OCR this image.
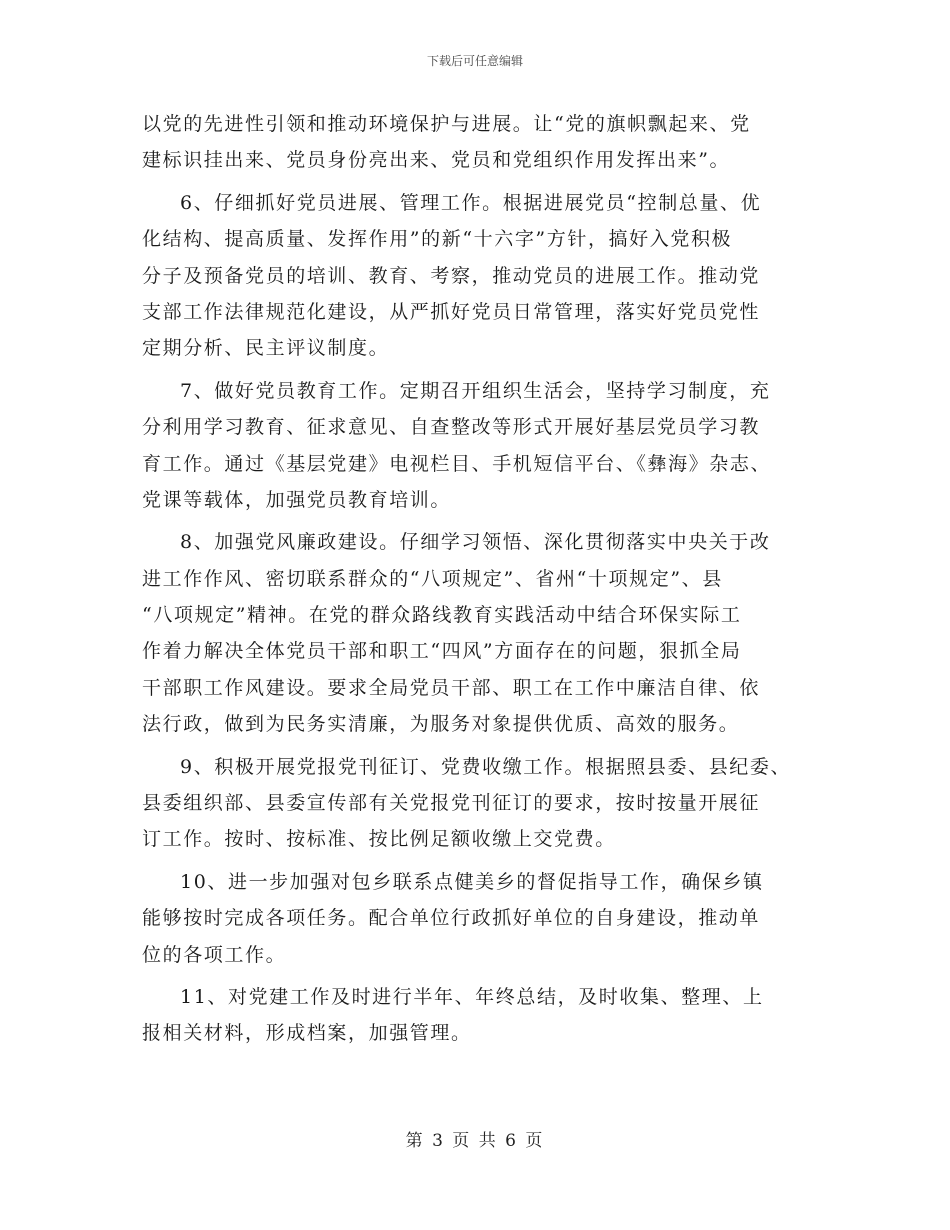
下载后可任意编辑
以党的先进性引领和推动环境保护与进展。让“党的旗帜飘起来、党
建标识挂出来、党员身份亮出来、党员和党组织作用发挥出来”。
6、仔细抓好党员进展、管理工作。根据进展党员“控制总量、优
化结构、提高质量、发挥作用”的新“十六字”方针，搞好入党积极
分子及预备党员的培训、教育、考察，推动党员的进展工作。推动党
支部工作法律规范化建设，从严抓好党员日常管理，落实好党员党性
定期分析、民主评议制度。
7、做好党员教育工作。定期召开组织生活会，坚持学习制度，充
分利用学习教育、征求意见、自查整改等形式开展好基层党员学习教
育工作。通过《基层党建》电视栏目、手机短信平台、《彝海》杂志、
党课等载体，加强党员教育培训。
8、加强党风廉政建设。仔细学习领悟、深化贯彻落实中央关于改
进工作作风、密切联系群众的“八项规定”、省州“十项规定”、县
“八项规定”精神。在党的群众路线教育实践活动中结合环保实际工
作着力解决全体党员干部和职工“四风”方面存在的问题，狠抓全局
干部职工作风建设。要求全局党员干部、职工在工作中廉洁自律、依
法行政，做到为民务实清廉，为服务对象提供优质、高效的服务。
9、积极开展党报党刊征订、党费收缴工作。根据照县委、县纪委、
县委组织部、县委宣传部有关党报党刊征订的要求，按时按量开展征
订工作。按时、按标准、按比例足额收缴上交党费。
10、进一步加强对包乡联系点健美乡的督促指导工作，确保乡镇
能够按时完成各项任务。配合单位行政抓好单位的自身建设，推动单
位的各项工作。
11、对党建工作及时进行半年、年终总结，及时收集、整理、上
报相关材料，形成档案，加强管理。
第 3 页 共 6 页
